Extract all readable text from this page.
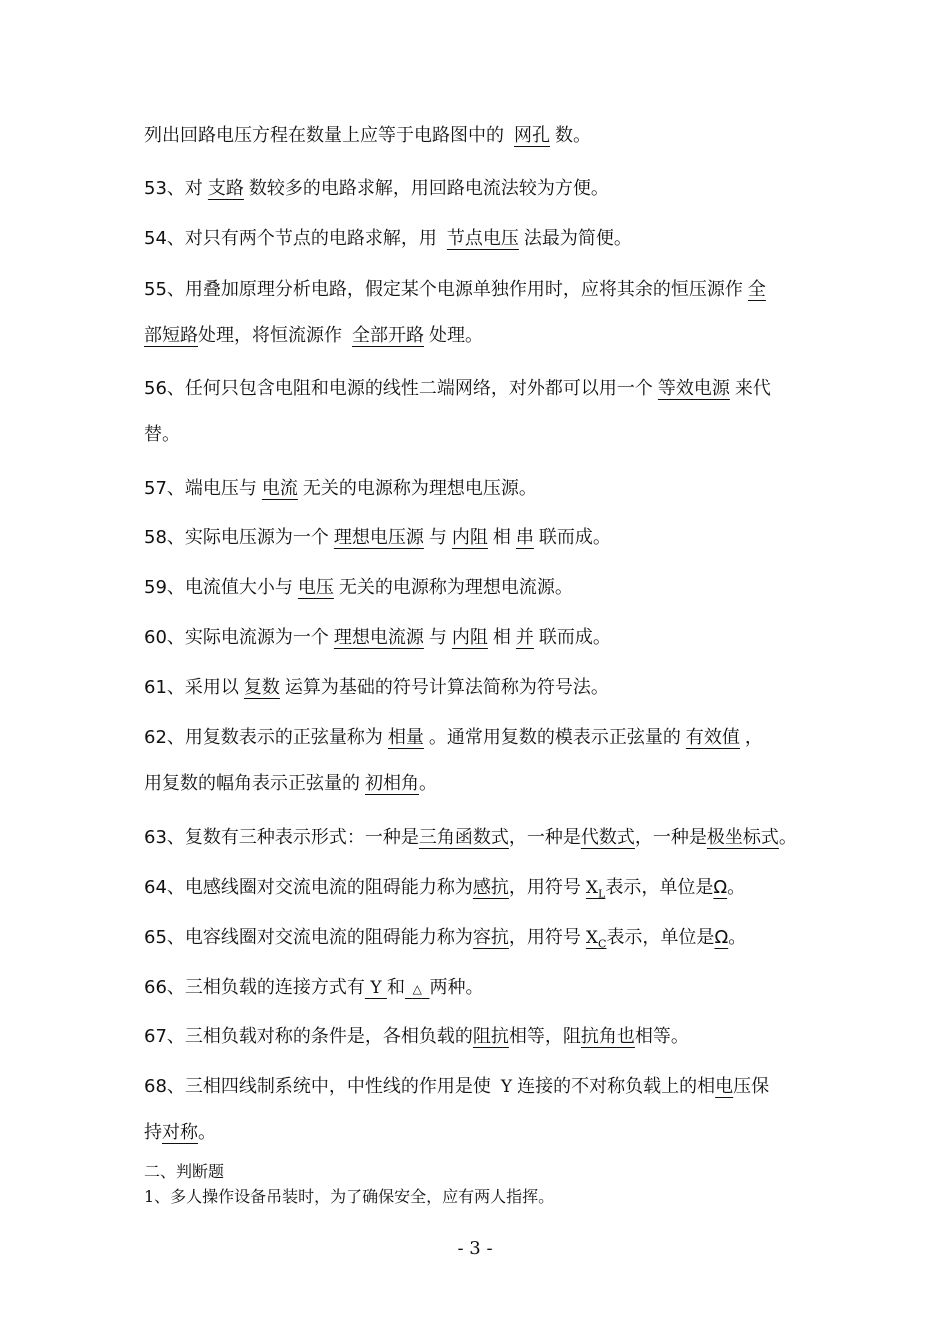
列出回路电压方程在数量上应等于电路图中的 网孔 数。
53、对 支路 数较多的电路求解，用回路电流法较为方便。
54、对只有两个节点的电路求解，用 节点电压 法最为简便。
55、用叠加原理分析电路，假定某个电源单独作用时，应将其余的恒压源作 全
部短路处理，将恒流源作 全部开路 处理。
56、任何只包含电阻和电源的线性二端网络，对外都可以用一个 等效电源 来代
替。
57、端电压与 电流 无关的电源称为理想电压源。
58、实际电压源为一个 理想电压源 与 内阻 相 串 联而成。
59、电流值大小与 电压 无关的电源称为理想电流源。
60、实际电流源为一个 理想电流源 与 内阻 相 并 联而成。
61、采用以 复数 运算为基础的符号计算法简称为符号法。
62、用复数表示的正弦量称为 相量 。通常用复数的模表示正弦量的 有效值 ，
用复数的幅角表示正弦量的 初相角。
63、复数有三种表示形式：一种是三角函数式，一种是代数式，一种是极坐标式。
64、电感线圈对交流电流的阻碍能力称为感抗，用符号 $X_L$表示，单位是Ω。
65、电容线圈对交流电流的阻碍能力称为容抗，用符号 $X_C$表示，单位是Ω。
66、三相负载的连接方式有 Y 和 △ 两种。
67、三相负载对称的条件是，各相负载的阻抗相等，阻抗角也相等。
68、三相四线制系统中，中性线的作用是使 Y 连接的不对称负载上的相电压保
持对称。
二、判断题
1、多人操作设备吊装时，为了确保安全，应有两人指挥。
- 3 -
